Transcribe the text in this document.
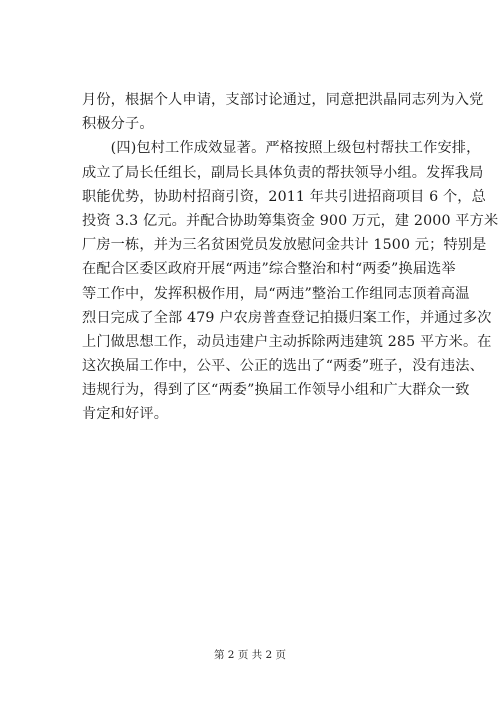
月份，根据个人申请，支部讨论通过，同意把洪晶同志列为入党
积极分子。
　　(四)包村工作成效显著。严格按照上级包村帮扶工作安排，
成立了局长任组长，副局长具体负责的帮扶领导小组。发挥我局
职能优势，协助村招商引资，2011 年共引进招商项目 6 个，总
投资 3.3 亿元。并配合协助筹集资金 900 万元，建 2000 平方米
厂房一栋，并为三名贫困党员发放慰问金共计 1500 元；特别是
在配合区委区政府开展“两违”综合整治和村“两委”换届选举
等工作中，发挥积极作用，局“两违”整治工作组同志顶着高温
烈日完成了全部 479 户农房普查登记拍摄归案工作，并通过多次
上门做思想工作，动员违建户主动拆除两违建筑 285 平方米。在
这次换届工作中，公平、公正的选出了“两委”班子，没有违法、
违规行为，得到了区“两委”换届工作领导小组和广大群众一致
肯定和好评。
第 2 页 共 2 页
